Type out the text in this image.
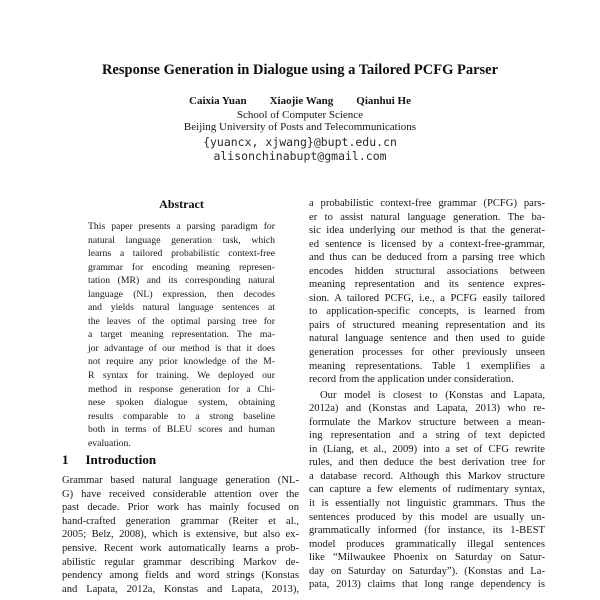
Response Generation in Dialogue using a Tailored PCFG Parser
Caixia Yuan Xiaojie Wang Qianhui He
School of Computer Science
Beijing University of Posts and Telecommunications
{yuancx, xjwang}@bupt.edu.cn
alisonchinabupt@gmail.com
Abstract
This paper presents a parsing paradigm for
natural language generation task, which
learns a tailored probabilistic context-free
grammar for encoding meaning represen-
tation (MR) and its corresponding natural
language (NL) expression, then decodes
and yields natural language sentences at
the leaves of the optimal parsing tree for
a target meaning representation. The ma-
jor advantage of our method is that it does
not require any prior knowledge of the M-
R syntax for training. We deployed our
method in response generation for a Chi-
nese spoken dialogue system, obtaining
results comparable to a strong baseline
both in terms of BLEU scores and human
evaluation.
1 Introduction
Grammar based natural language generation (NL-
G) have received considerable attention over the
past decade. Prior work has mainly focused on
hand-crafted generation grammar (Reiter et al.,
2005; Belz, 2008), which is extensive, but also ex-
pensive. Recent work automatically learns a prob-
abilistic regular grammar describing Markov de-
pendency among fields and word strings (Konstas
and Lapata, 2012a, Konstas and Lapata, 2013),
a probabilistic context-free grammar (PCFG) pars-
er to assist natural language generation. The ba-
sic idea underlying our method is that the generat-
ed sentence is licensed by a context-free-grammar,
and thus can be deduced from a parsing tree which
encodes hidden structural associations between
meaning representation and its sentence expres-
sion. A tailored PCFG, i.e., a PCFG easily tailored
to application-specific concepts, is learned from
pairs of structured meaning representation and its
natural language sentence and then used to guide
generation processes for other previously unseen
meaning representations. Table 1 exemplifies a
record from the application under consideration.
Our model is closest to (Konstas and Lapata,
2012a) and (Konstas and Lapata, 2013) who re-
formulate the Markov structure between a mean-
ing representation and a string of text depicted
in (Liang, et al., 2009) into a set of CFG rewrite
rules, and then deduce the best derivation tree for
a database record. Although this Markov structure
can capture a few elements of rudimentary syntax,
it is essentially not linguistic grammars. Thus the
sentences produced by this model are usually un-
grammatically informed (for instance, its 1-BEST
model produces grammatically illegal sentences
like “Milwaukee Phoenix on Saturday on Satur-
day on Saturday on Saturday”). (Konstas and La-
pata, 2013) claims that long range dependency is
